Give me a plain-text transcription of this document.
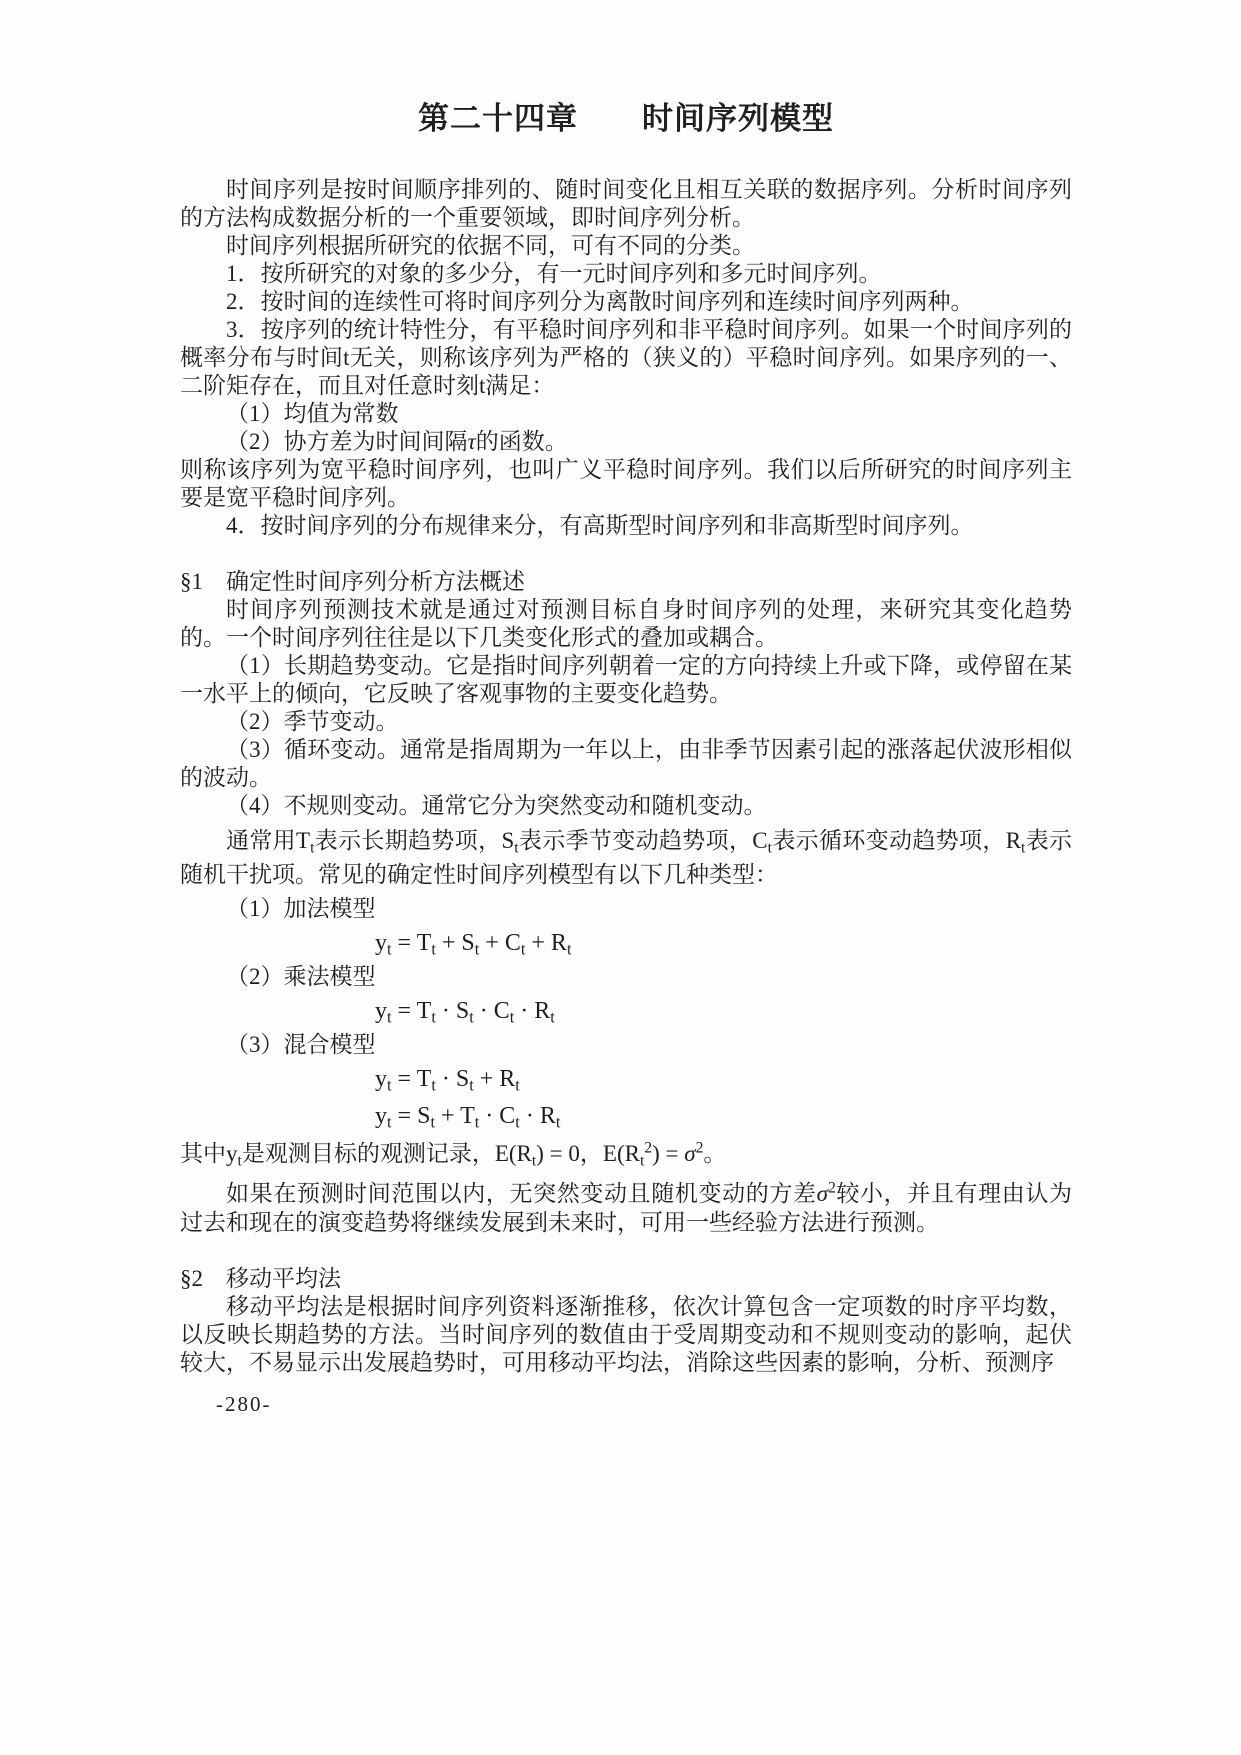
第二十四章　　时间序列模型

时间序列是按时间顺序排列的、随时间变化且相互关联的数据序列。分析时间序列的方法构成数据分析的一个重要领域，即时间序列分析。

时间序列根据所研究的依据不同，可有不同的分类。

1．按所研究的对象的多少分，有一元时间序列和多元时间序列。

2．按时间的连续性可将时间序列分为离散时间序列和连续时间序列两种。

3．按序列的统计特性分，有平稳时间序列和非平稳时间序列。如果一个时间序列的概率分布与时间t无关，则称该序列为严格的（狭义的）平稳时间序列。如果序列的一、二阶矩存在，而且对任意时刻t满足：

（1）均值为常数

（2）协方差为时间间隔τ的函数。

则称该序列为宽平稳时间序列，也叫广义平稳时间序列。我们以后所研究的时间序列主要是宽平稳时间序列。

4．按时间序列的分布规律来分，有高斯型时间序列和非高斯型时间序列。

§1　确定性时间序列分析方法概述

时间序列预测技术就是通过对预测目标自身时间序列的处理，来研究其变化趋势的。一个时间序列往往是以下几类变化形式的叠加或耦合。

（1）长期趋势变动。它是指时间序列朝着一定的方向持续上升或下降，或停留在某一水平上的倾向，它反映了客观事物的主要变化趋势。

（2）季节变动。

（3）循环变动。通常是指周期为一年以上，由非季节因素引起的涨落起伏波形相似的波动。

（4）不规则变动。通常它分为突然变动和随机变动。

通常用$T_t$表示长期趋势项，$S_t$表示季节变动趋势项，$C_t$表示循环变动趋势项，$R_t$表示随机干扰项。常见的确定性时间序列模型有以下几种类型：

（1）加法模型

$y_t = T_t + S_t + C_t + R_t$

（2）乘法模型

$y_t = T_t \cdot S_t \cdot C_t \cdot R_t$

（3）混合模型

$y_t = T_t \cdot S_t + R_t$
$y_t = S_t + T_t \cdot C_t \cdot R_t$

其中$y_t$是观测目标的观测记录，$E(R_t) = 0$，$E(R_t^2) = \sigma^2$。

如果在预测时间范围以内，无突然变动且随机变动的方差$\sigma^2$较小，并且有理由认为过去和现在的演变趋势将继续发展到未来时，可用一些经验方法进行预测。

§2　移动平均法

移动平均法是根据时间序列资料逐渐推移，依次计算包含一定项数的时序平均数，以反映长期趋势的方法。当时间序列的数值由于受周期变动和不规则变动的影响，起伏较大，不易显示出发展趋势时，可用移动平均法，消除这些因素的影响，分析、预测序

-280-
